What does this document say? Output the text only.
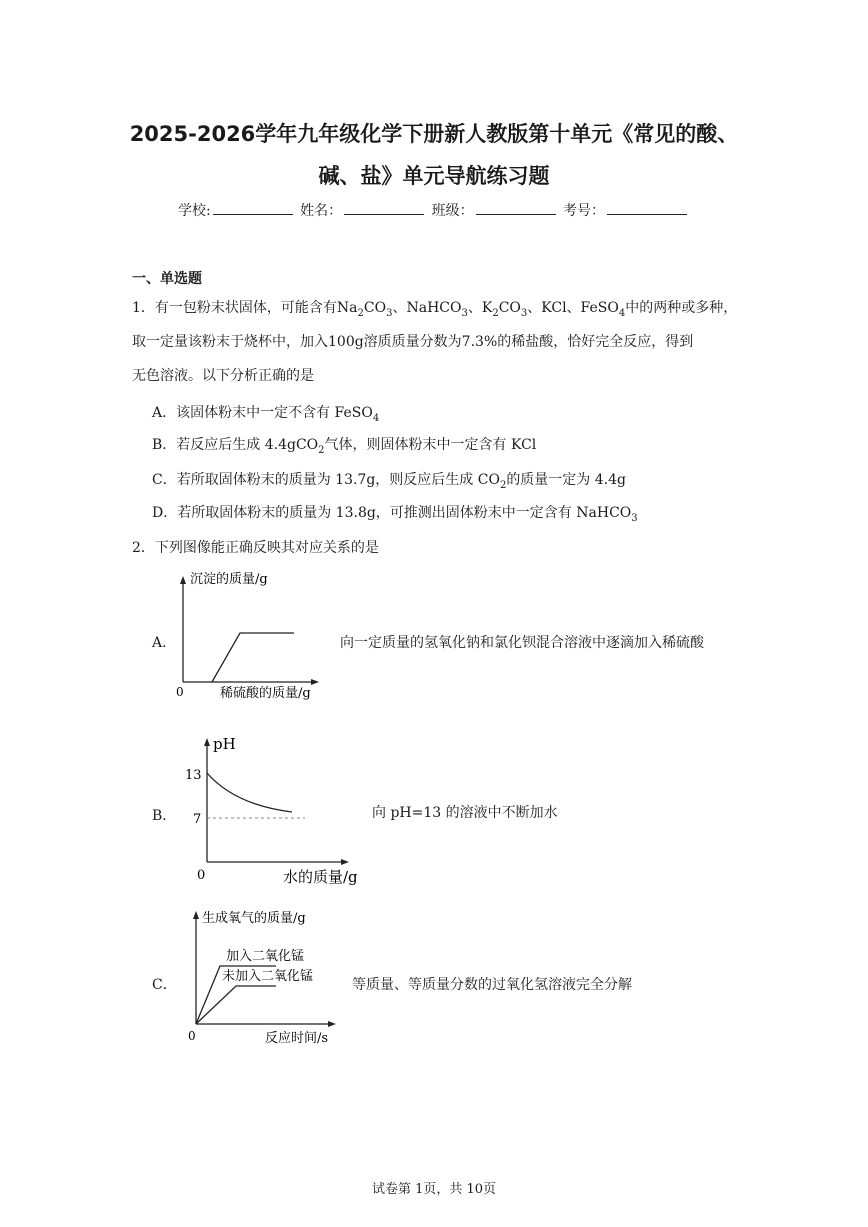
2025-2026学年九年级化学下册新人教版第十单元《常见的酸、
碱、盐》单元导航练习题
学校:	姓名：	班级：	考号：
一、单选题
1．有一包粉末状固体，可能含有$Na_2CO_3$、NaHCO$_3$、$K_2CO_3$、KCl、FeSO$_4$中的两种或多种，
取一定量该粉末于烧杯中，加入100g溶质质量分数为7.3%的稀盐酸，恰好完全反应，得到
无色溶液。以下分析正确的是
A．该固体粉末中一定不含有 FeSO$_4$
B．若反应后生成 4.4gCO$_2$气体，则固体粉末中一定含有 KCl
C．若所取固体粉末的质量为 13.7g，则反应后生成 $CO_2$的质量一定为 4.4g
D．若所取固体粉末的质量为 13.8g，可推测出固体粉末中一定含有 NaHCO$_3$
2．下列图像能正确反映其对应关系的是
A．
沉淀的质量/g
0	稀硫酸的质量/g
向一定质量的氢氧化钠和氯化钡混合溶液中逐滴加入稀硫酸
B．
pH
13
7
0	水的质量/g
向 pH=13 的溶液中不断加水
C．
生成氧气的质量/g
加入二氧化锰
未加入二氧化锰
0	反应时间/s
等质量、等质量分数的过氧化氢溶液完全分解
试卷第 1页，共 10页
